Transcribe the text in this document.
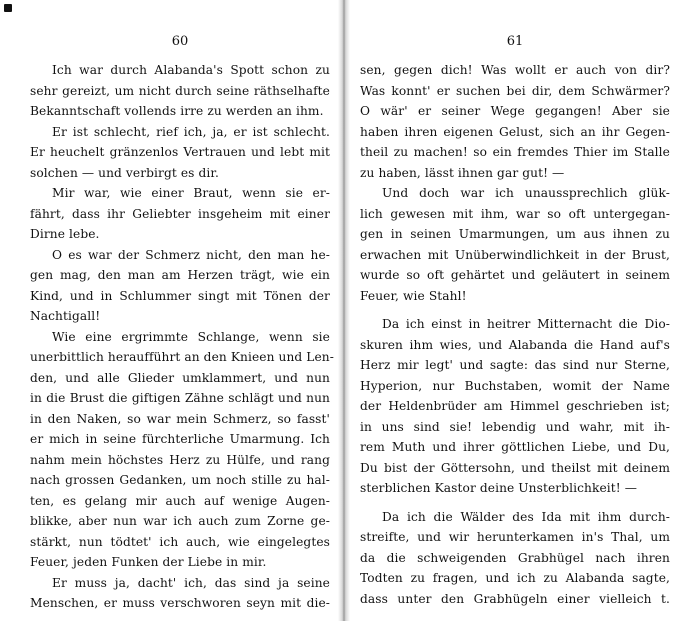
60
Ich war durch Alabanda's Spott schon zu
sehr gereizt, um nicht durch seine räthselhafte
Bekanntschaft vollends irre zu werden an ihm.
Er ist schlecht, rief ich, ja, er ist schlecht.
Er heuchelt gränzenlos Vertrauen und lebt mit
solchen — und verbirgt es dir.
Mir war, wie einer Braut, wenn sie er-
fährt, dass ihr Geliebter insgeheim mit einer
Dirne lebe.
O es war der Schmerz nicht, den man he-
gen mag, den man am Herzen trägt, wie ein
Kind, und in Schlummer singt mit Tönen der
Nachtigall!
Wie eine ergrimmte Schlange, wenn sie
unerbittlich heraufführt an den Knieen und Len-
den, und alle Glieder umklammert, und nun
in die Brust die giftigen Zähne schlägt und nun
in den Naken, so war mein Schmerz, so fasst'
er mich in seine fürchterliche Umarmung. Ich
nahm mein höchstes Herz zu Hülfe, und rang
nach grossen Gedanken, um noch stille zu hal-
ten, es gelang mir auch auf wenige Augen-
blikke, aber nun war ich auch zum Zorne ge-
stärkt, nun tödtet' ich auch, wie eingelegtes
Feuer, jeden Funken der Liebe in mir.
Er muss ja, dacht' ich, das sind ja seine
Menschen, er muss verschworen seyn mit die-
61
sen, gegen dich! Was wollt er auch von dir?
Was konnt' er suchen bei dir, dem Schwärmer?
O wär' er seiner Wege gegangen! Aber sie
haben ihren eigenen Gelust, sich an ihr Gegen-
theil zu machen! so ein fremdes Thier im Stalle
zu haben, lässt ihnen gar gut! —
Und doch war ich unaussprechlich glük-
lich gewesen mit ihm, war so oft untergegan-
gen in seinen Umarmungen, um aus ihnen zu
erwachen mit Unüberwindlichkeit in der Brust,
wurde so oft gehärtet und geläutert in seinem
Feuer, wie Stahl!
Da ich einst in heitrer Mitternacht die Dio-
skuren ihm wies, und Alabanda die Hand auf's
Herz mir legt' und sagte: das sind nur Sterne,
Hyperion, nur Buchstaben, womit der Name
der Heldenbrüder am Himmel geschrieben ist;
in uns sind sie! lebendig und wahr, mit ih-
rem Muth und ihrer göttlichen Liebe, und Du,
Du bist der Göttersohn, und theilst mit deinem
sterblichen Kastor deine Unsterblichkeit! —
Da ich die Wälder des Ida mit ihm durch-
streifte, und wir herunterkamen in's Thal, um
da die schweigenden Grabhügel nach ihren
Todten zu fragen, und ich zu Alabanda sagte,
dass unter den Grabhügeln einer vielleich t.
